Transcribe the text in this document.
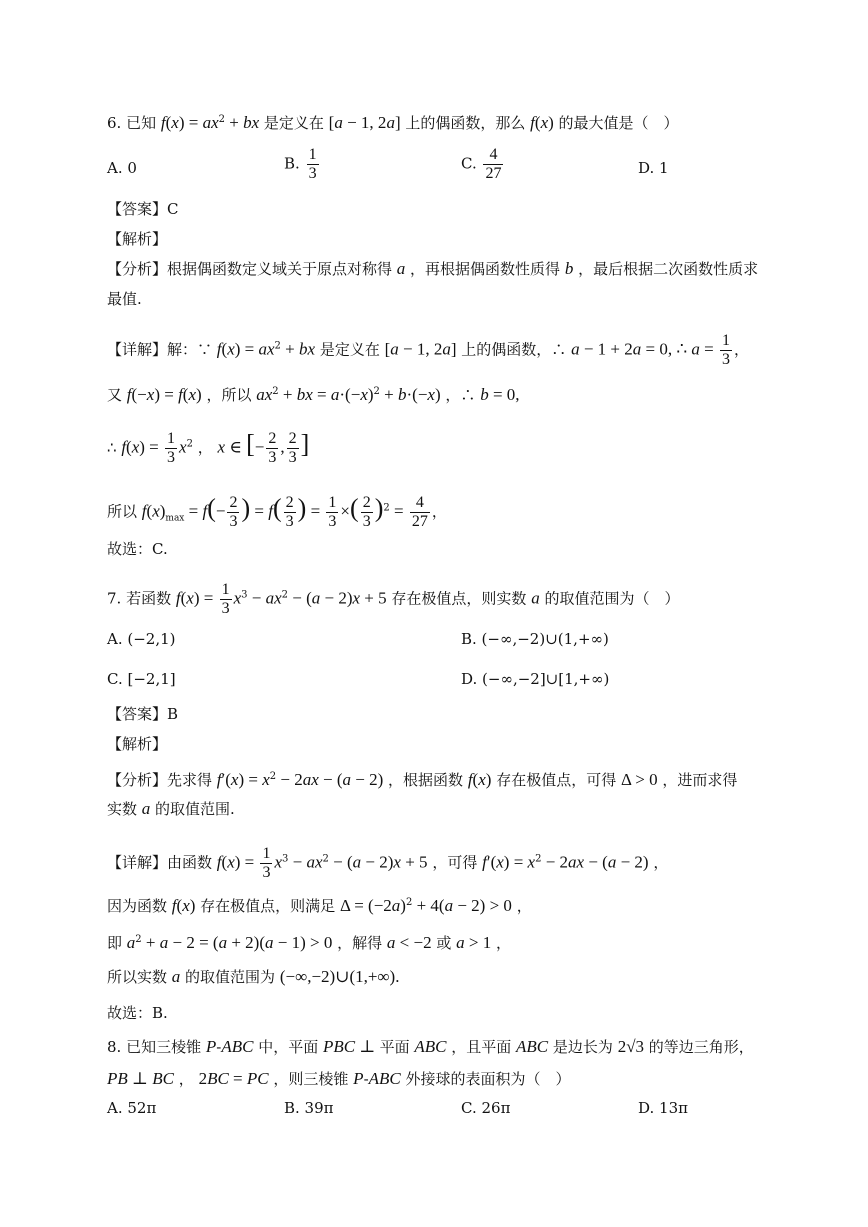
6. 已知 $f(x) = ax^2$ + bx 是定义在 [a − 1, 2a] 上的偶函数，那么 f(x) 的最大值是（　）
A. 0	B. $\frac{1}{3}$	C. $\frac{4}{27}$	D. 1
【答案】C
【解析】
【分析】根据偶函数定义域关于原点对称得 a ，再根据偶函数性质得 b ，最后根据二次函数性质求
最值.
【详解】解：∵ $f(x) = ax^2$ + bx 是定义在 [a − 1, 2a] 上的偶函数，∴ a − 1 + 2a = 0, ∴ $a = \frac{1}{3}$ ，
又 f(−x) = f(x) ，所以 $ax^2$ + bx = $a\cdot(-x)^2 + b\cdot(-x)$ ，∴ b = 0,
∴ $f(x) = \frac{1}{3} x^2$ ， x ∈ [− $\frac{2}{3}$ , $\frac{2}{3}$ ]
所以 $f(x)_{max} = f(- \frac{2}{3}$ ) = $f( \frac{2}{3}$ ) = $\frac{1}{3}$ ×( $\frac{2}{3} )^2 = \frac{4}{27}$ ，
故选：C.
7. 若函数 $f(x) = \frac{1}{3} x^3 - ax^2 - (a - 2)x + 5$ 存在极值点，则实数 a 的取值范围为（　）
A. (−2,1)	B. (−∞,−2)∪(1,+∞)
C. [−2,1]	D. (−∞,−2]∪[1,+∞)
【答案】B
【解析】
【分析】先求得 $f'(x) = x^2 - 2ax - (a - 2)$ ，根据函数 f(x) 存在极值点，可得 Δ > 0 ，进而求得
实数 a 的取值范围.
【详解】由函数 $f(x) = \frac{1}{3} x^3 - ax^2 - (a - 2)x + 5$ ，可得 $f'(x) = x^2 - 2ax - (a - 2)$ ，
因为函数 f(x) 存在极值点，则满足 $\Delta = (-2a)^2 + 4(a - 2) > 0$ ，
即 $a^2 + a - 2 = (a + 2)(a - 1) > 0$ ，解得 a < −2 或 a > 1 ，
所以实数 a 的取值范围为 (−∞,−2)∪(1,+∞).
故选：B.
8. 已知三棱锥 P-ABC 中，平面 PBC ⊥ 平面 ABC ，且平面 ABC 是边长为 2√3 的等边三角形，
PB ⊥ BC ， 2BC = PC ，则三棱锥 P-ABC 外接球的表面积为（　）
A. 52π	B. 39π	C. 26π	D. 13π
